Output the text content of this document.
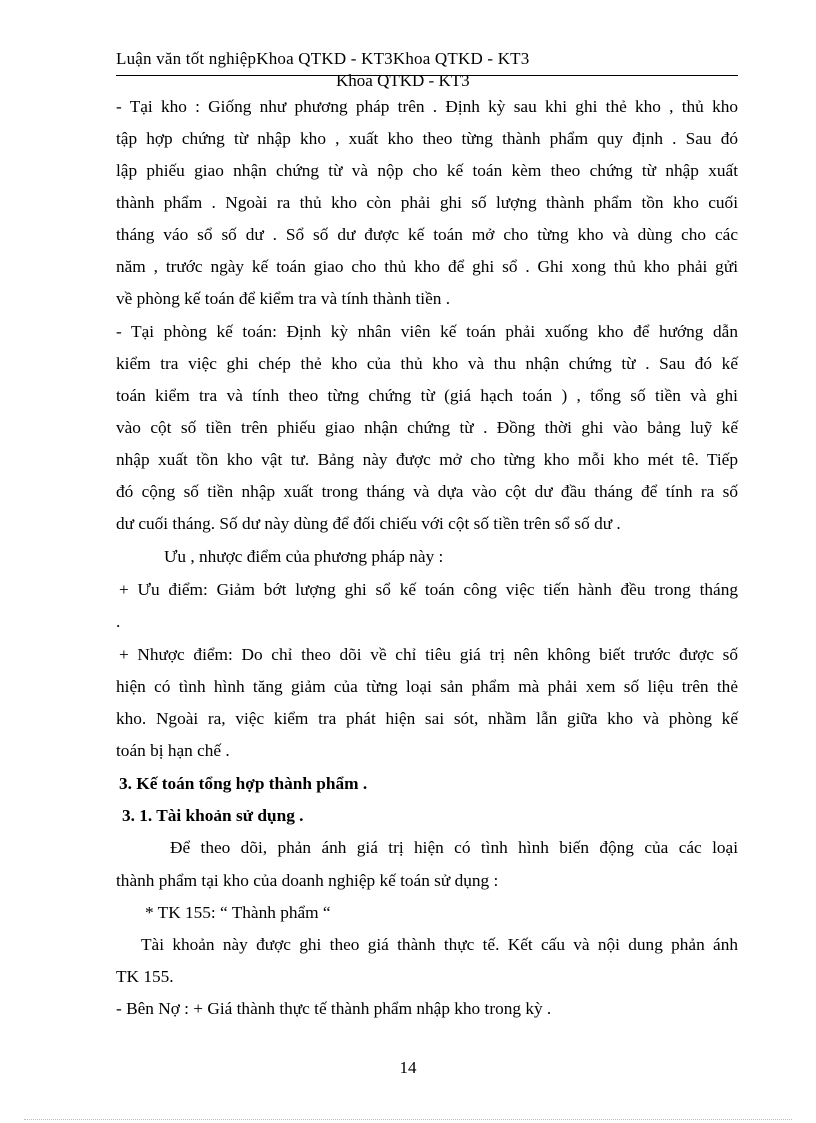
Luận văn tốt nghiệpKhoa QTKD - KT3Khoa QTKD - KT3
Khoa QTKD - KT3
- Tại kho : Giống như phương pháp trên . Định kỳ sau khi ghi thẻ kho , thủ kho
tập hợp chứng từ nhập kho , xuất kho theo từng thành phẩm quy định . Sau đó
lập phiếu giao nhận chứng từ và nộp cho kế toán kèm theo chứng từ nhập xuất
thành phẩm . Ngoài ra thủ kho còn phải ghi số lượng thành phẩm tồn kho cuối
tháng váo sổ số dư . Sổ số dư được kế toán mở cho từng kho và dùng cho các
năm , trước ngày kế toán giao cho thủ kho để ghi sổ . Ghi xong thủ kho phải gửi
về phòng kế toán để kiểm tra và tính thành tiền .
- Tại phòng kế toán: Định kỳ nhân viên kế toán phải xuống kho để hướng dẫn
kiểm tra việc ghi chép thẻ kho của thủ kho và thu nhận chứng từ . Sau đó kế
toán kiểm tra và tính theo từng chứng từ (giá hạch toán ) , tổng số tiền và ghi
vào cột số tiền trên phiếu giao nhận chứng từ . Đồng thời ghi vào bảng luỹ kế
nhập xuất tồn kho vật tư. Bảng này được mở cho từng kho mỗi kho mét tê. Tiếp
đó cộng số tiền nhập xuất trong tháng và dựa vào cột dư đầu tháng để tính ra số
dư cuối tháng. Số dư này dùng để đối chiếu với cột số tiền trên sổ số dư .
Ưu , nhược điểm của phương pháp này :
+ Ưu điểm: Giảm bớt lượng ghi sổ kế toán công việc tiến hành đều trong tháng
.
+ Nhược điểm: Do chỉ theo dõi về chỉ tiêu giá trị nên không biết trước được số
hiện có tình hình tăng giảm của từng loại sản phẩm mà phải xem số liệu trên thẻ
kho. Ngoài ra, việc kiểm tra phát hiện sai sót, nhầm lẫn giữa kho và phòng kế
toán bị hạn chế .
3. Kế toán tổng hợp thành phẩm .
3. 1. Tài khoản sử dụng .
Để theo dõi, phản ánh giá trị hiện có tình hình biến động của các loại
thành phẩm tại kho của doanh nghiệp kế toán sử dụng :
* TK 155: “ Thành phẩm “
Tài khoản này được ghi theo giá thành thực tế. Kết cấu và nội dung phản ánh
TK 155.
- Bên Nợ : + Giá thành thực tế thành phẩm nhập kho trong kỳ .
14
